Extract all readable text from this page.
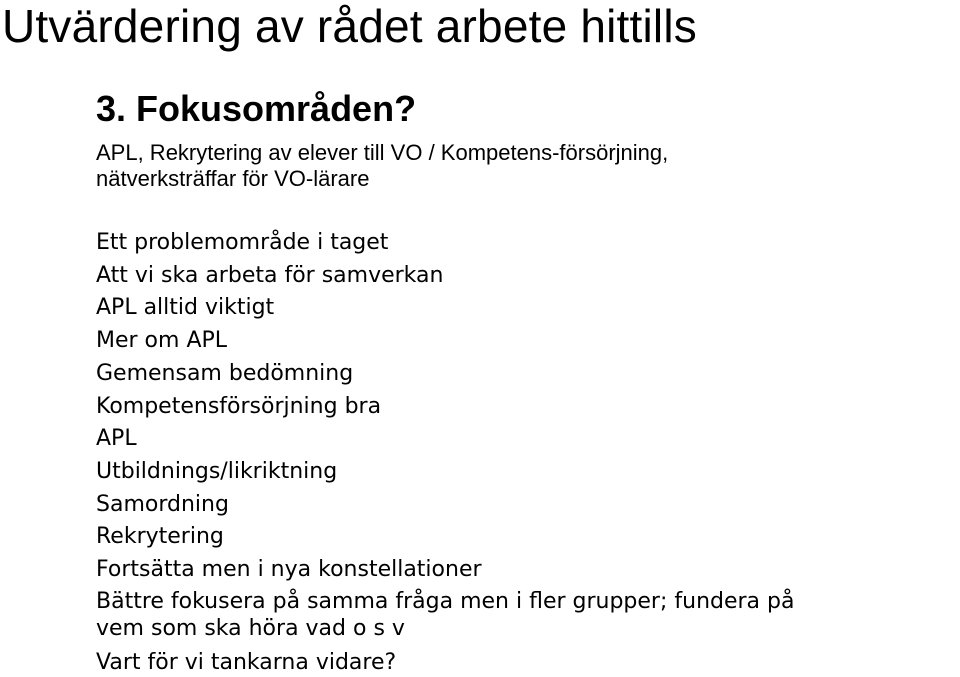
Utvärdering av rådet arbete hittills
3. Fokusområden?

APL, Rekrytering av elever till VO / Kompetens-försörjning,
nätverksträffar för VO-lärare

Ett problemområde i taget
Att vi ska arbeta för samverkan
APL alltid viktigt
Mer om APL
Gemensam bedömning
Kompetensförsörjning bra
APL
Utbildnings/likriktning
Samordning
Rekrytering
Fortsätta men i nya konstellationer
Bättre fokusera på samma fråga men i fler grupper; fundera på
vem som ska höra vad o s v
Vart för vi tankarna vidare?
